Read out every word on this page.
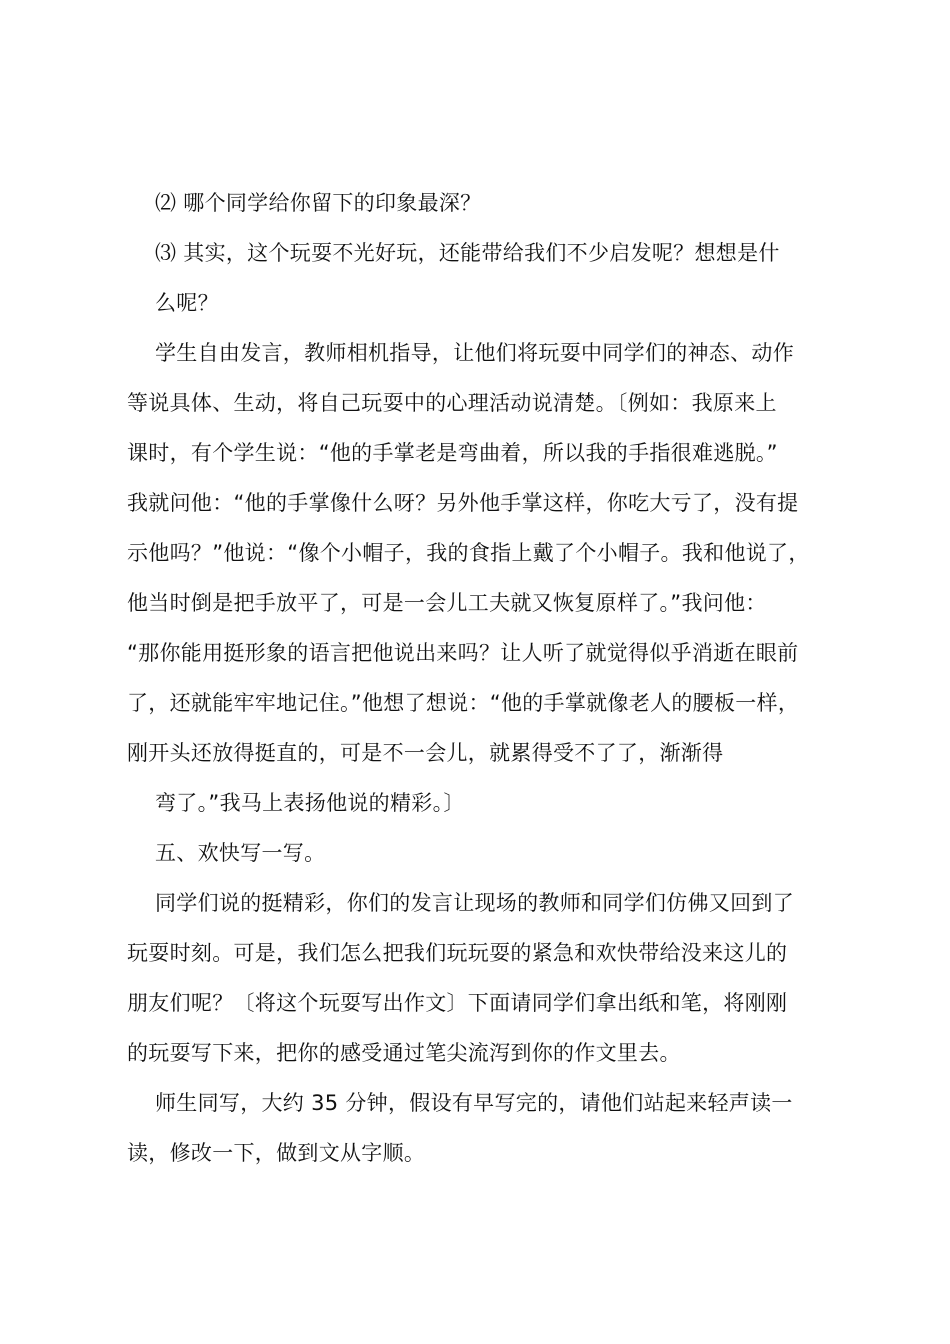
⑵ 哪个同学给你留下的印象最深？
⑶ 其实，这个玩耍不光好玩，还能带给我们不少启发呢？想想是什
么呢？
学生自由发言，教师相机指导，让他们将玩耍中同学们的神态、动作
等说具体、生动，将自己玩耍中的心理活动说清楚。〔例如：我原来上
课时，有个学生说：“他的手掌老是弯曲着，所以我的手指很难逃脱。”
我就问他：“他的手掌像什么呀？另外他手掌这样，你吃大亏了，没有提
示他吗？”他说：“像个小帽子，我的食指上戴了个小帽子。我和他说了，
他当时倒是把手放平了，可是一会儿工夫就又恢复原样了。”我问他：
“那你能用挺形象的语言把他说出来吗？让人听了就觉得似乎消逝在眼前
了，还就能牢牢地记住。”他想了想说：“他的手掌就像老人的腰板一样，
刚开头还放得挺直的，可是不一会儿，就累得受不了了，渐渐得
弯了。”我马上表扬他说的精彩。〕
五、欢快写一写。
同学们说的挺精彩，你们的发言让现场的教师和同学们仿佛又回到了
玩耍时刻。可是，我们怎么把我们玩玩耍的紧急和欢快带给没来这儿的
朋友们呢？〔将这个玩耍写出作文〕下面请同学们拿出纸和笔，将刚刚
的玩耍写下来，把你的感受通过笔尖流泻到你的作文里去。
师生同写，大约 35 分钟，假设有早写完的，请他们站起来轻声读一
读，修改一下，做到文从字顺。
